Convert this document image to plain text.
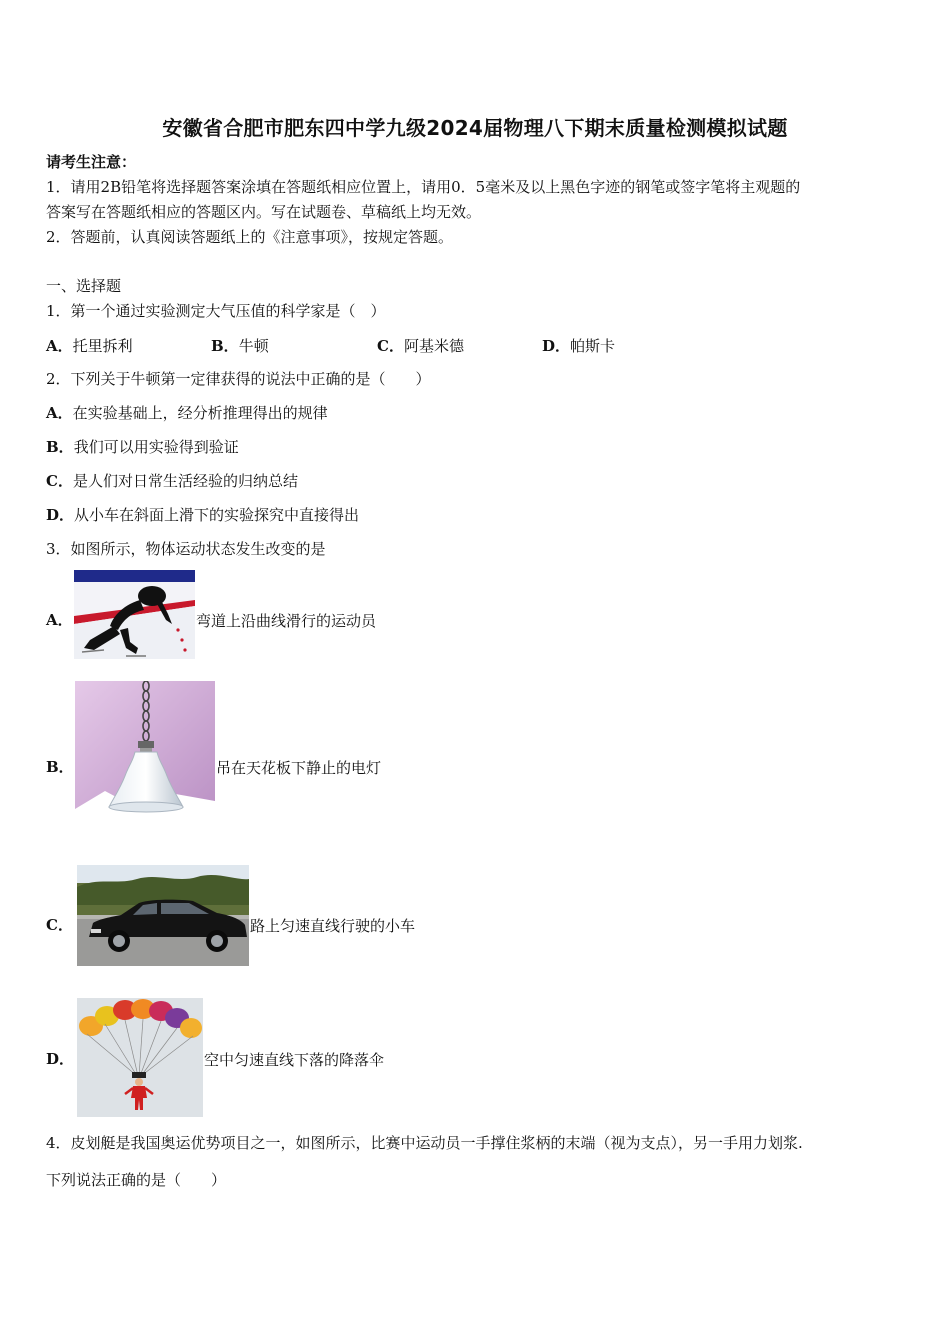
安徽省合肥市肥东四中学九级2024届物理八下期末质量检测模拟试题
请考生注意：
1．请用2B铅笔将选择题答案涂填在答题纸相应位置上，请用0．5毫米及以上黑色字迹的钢笔或签字笔将主观题的
答案写在答题纸相应的答题区内。写在试题卷、草稿纸上均无效。
2．答题前，认真阅读答题纸上的《注意事项》，按规定答题。
一、选择题
1．第一个通过实验测定大气压值的科学家是（　）
A．托里拆利	B．牛顿	C．阿基米德	D．帕斯卡
2．下列关于牛顿第一定律获得的说法中正确的是（　　）
A．在实验基础上，经分析推理得出的规律
B．我们可以用实验得到验证
C．是人们对日常生活经验的归纳总结
D．从小车在斜面上滑下的实验探究中直接得出
3．如图所示，物体运动状态发生改变的是
A．	弯道上沿曲线滑行的运动员
B．	吊在天花板下静止的电灯
C．	路上匀速直线行驶的小车
D．	空中匀速直线下落的降落伞
4．皮划艇是我国奥运优势项目之一，如图所示，比赛中运动员一手撑住浆柄的末端（视为支点），另一手用力划浆.
下列说法正确的是（　　）
